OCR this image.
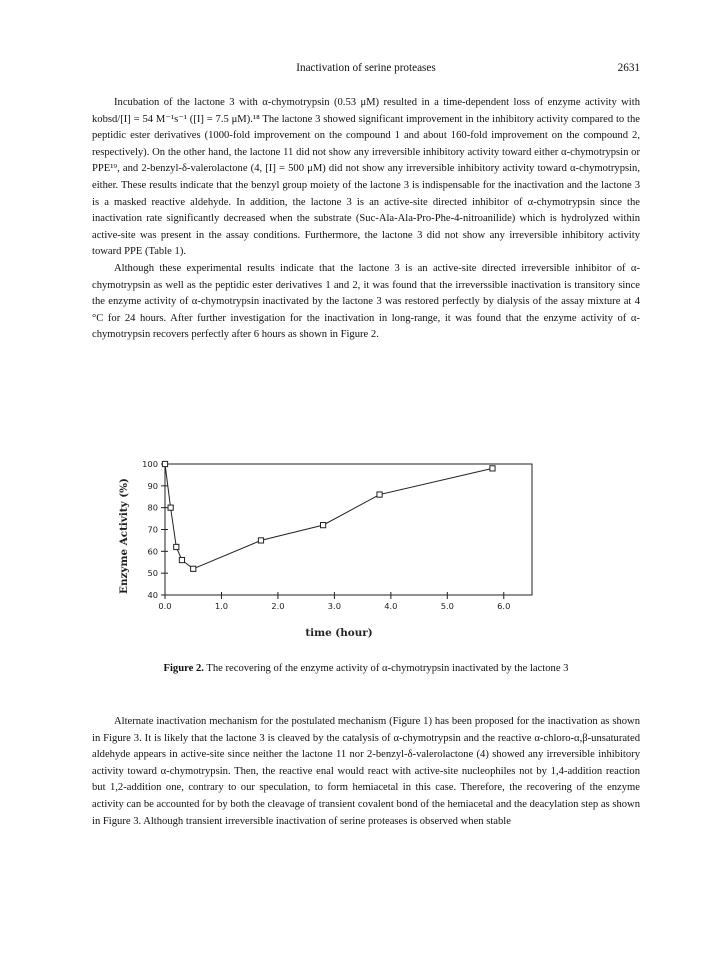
Inactivation of serine proteases	2631

Incubation of the lactone 3 with α-chymotrypsin (0.53 μM) resulted in a time-dependent loss of enzyme activity with kobsd/[I] = 54 M⁻¹s⁻¹ ([I] = 7.5 μM).¹⁸ The lactone 3 showed significant improvement in the inhibitory activity compared to the peptidic ester derivatives (1000-fold improvement on the compound 1 and about 160-fold improvement on the compound 2, respectively). On the other hand, the lactone 11 did not show any irreversible inhibitory activity toward either α-chymotrypsin or PPE¹⁹, and 2-benzyl-δ-valerolactone (4, [I] = 500 μM) did not show any irreversible inhibitory activity toward α-chymotrypsin, either. These results indicate that the benzyl group moiety of the lactone 3 is indispensable for the inactivation and the lactone 3 is a masked reactive aldehyde. In addition, the lactone 3 is an active-site directed inhibitor of α-chymotrypsin since the inactivation rate significantly decreased when the substrate (Suc-Ala-Ala-Pro-Phe-4-nitroanilide) which is hydrolyzed within active-site was present in the assay conditions. Furthermore, the lactone 3 did not show any irreversible inhibitory activity toward PPE (Table 1).

Although these experimental results indicate that the lactone 3 is an active-site directed irreversible inhibitor of α-chymotrypsin as well as the peptidic ester derivatives 1 and 2, it was found that the irreverssible inactivation is transitory since the enzyme activity of α-chymotrypsin inactivated by the lactone 3 was restored perfectly by dialysis of the assay mixture at 4 °C for 24 hours. After further investigation for the inactivation in long-range, it was found that the enzyme activity of α-chymotrypsin recovers perfectly after 6 hours as shown in Figure 2.

40
50
60
70
80
90
100
0.0	1.0	2.0	3.0	4.0	5.0	6.0
Enzyme Activity (%)
time (hour)
Figure 2. The recovering of the enzyme activity of α-chymotrypsin inactivated by the lactone 3

Alternate inactivation mechanism for the postulated mechanism (Figure 1) has been proposed for the inactivation as shown in Figure 3. It is likely that the lactone 3 is cleaved by the catalysis of α-chymotrypsin and the reactive α-chloro-α,β-unsaturated aldehyde appears in active-site since neither the lactone 11 nor 2-benzyl-δ-valerolactone (4) showed any irreversible inhibitory activity toward α-chymotrypsin. Then, the reactive enal would react with active-site nucleophiles not by 1,4-addition reaction but 1,2-addition one, contrary to our speculation, to form hemiacetal in this case. Therefore, the recovering of the enzyme activity can be accounted for by both the cleavage of transient covalent bond of the hemiacetal and the deacylation step as shown in Figure 3. Although transient irreversible inactivation of serine proteases is observed when stable
